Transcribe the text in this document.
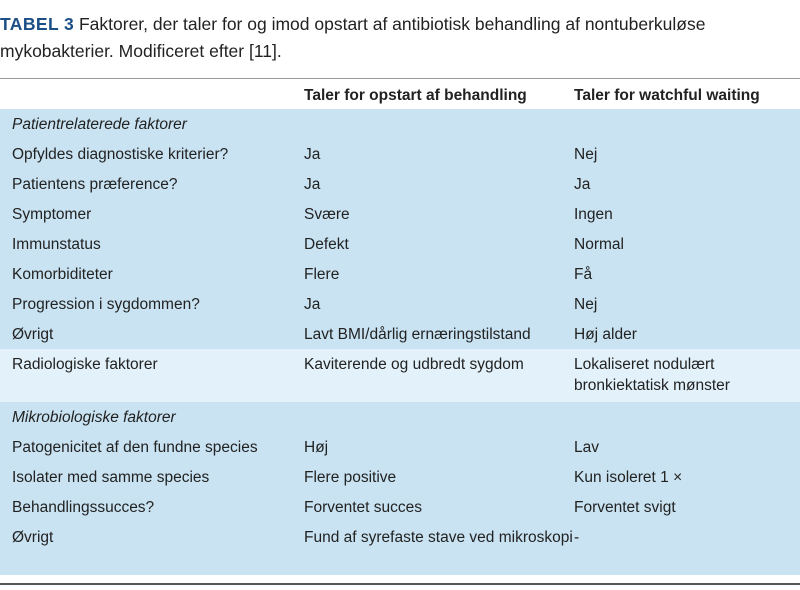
TABEL 3 Faktorer, der taler for og imod opstart af antibiotisk behandling af nontuberkuløse mykobakterier. Modificeret efter [11].
	Taler for opstart af behandling	Taler for watchful waiting
Patientrelaterede faktorer		
Opfyldes diagnostiske kriterier?	Ja	Nej
Patientens præference?	Ja	Ja
Symptomer	Svære	Ingen
Immunstatus	Defekt	Normal
Komorbiditeter	Flere	Få
Progression i sygdommen?	Ja	Nej
Øvrigt	Lavt BMI/dårlig ernæringstilstand	Høj alder
Radiologiske faktorer	Kaviterende og udbredt sygdom	Lokaliseret nodulært bronkiektatisk mønster
Mikrobiologiske faktorer		
Patogenicitet af den fundne species	Høj	Lav
Isolater med samme species	Flere positive	Kun isoleret 1 ×
Behandlingssucces?	Forventet succes	Forventet svigt
Øvrigt	Fund af syrefaste stave ved mikroskopi	-
